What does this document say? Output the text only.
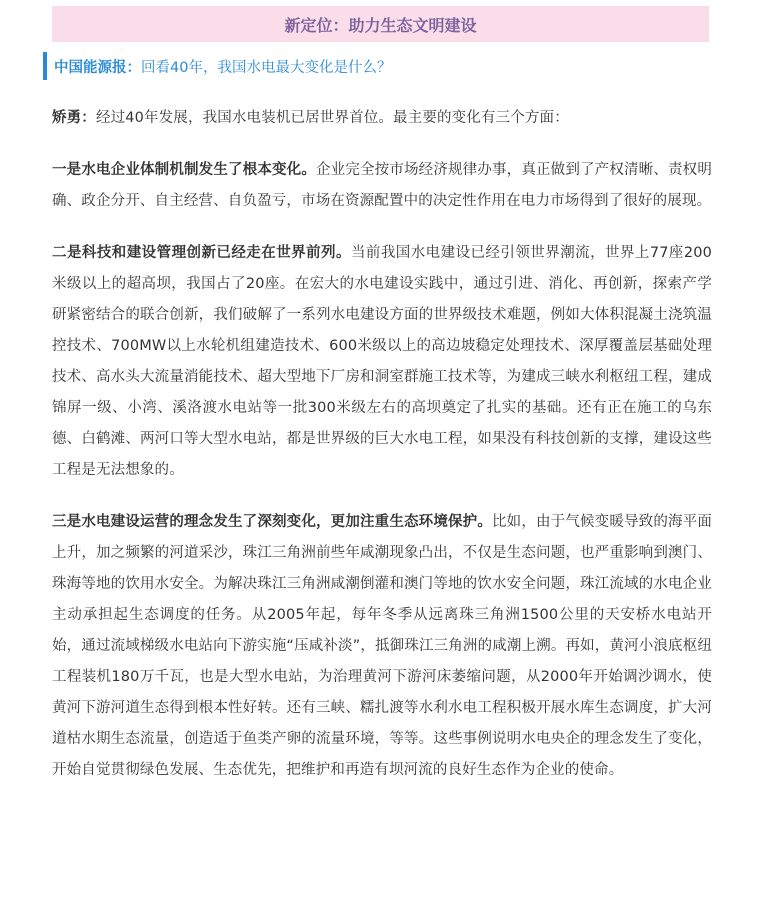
新定位：助力生态文明建设
中国能源报： 回看40年，我国水电最大变化是什么？

矫勇：经过40年发展，我国水电装机已居世界首位。最主要的变化有三个方面：

一是水电企业体制机制发生了根本变化。企业完全按市场经济规律办事，真正做到了产权清晰、责权明确、政企分开、自主经营、自负盈亏，市场在资源配置中的决定性作用在电力市场得到了很好的展现。

二是科技和建设管理创新已经走在世界前列。当前我国水电建设已经引领世界潮流，世界上77座200米级以上的超高坝，我国占了20座。在宏大的水电建设实践中，通过引进、消化、再创新，探索产学研紧密结合的联合创新，我们破解了一系列水电建设方面的世界级技术难题，例如大体积混凝土浇筑温控技术、700MW以上水轮机组建造技术、600米级以上的高边坡稳定处理技术、深厚覆盖层基础处理技术、高水头大流量消能技术、超大型地下厂房和洞室群施工技术等，为建成三峡水利枢纽工程，建成锦屏一级、小湾、溪洛渡水电站等一批300米级左右的高坝奠定了扎实的基础。还有正在施工的乌东德、白鹤滩、两河口等大型水电站，都是世界级的巨大水电工程，如果没有科技创新的支撑，建设这些工程是无法想象的。

三是水电建设运营的理念发生了深刻变化，更加注重生态环境保护。比如，由于气候变暖导致的海平面上升，加之频繁的河道采沙，珠江三角洲前些年咸潮现象凸出，不仅是生态问题，也严重影响到澳门、珠海等地的饮用水安全。为解决珠江三角洲咸潮倒灌和澳门等地的饮水安全问题，珠江流域的水电企业主动承担起生态调度的任务。从2005年起，每年冬季从远离珠三角洲1500公里的天安桥水电站开始，通过流域梯级水电站向下游实施“压咸补淡”，抵御珠江三角洲的咸潮上溯。再如，黄河小浪底枢纽工程装机180万千瓦，也是大型水电站，为治理黄河下游河床萎缩问题，从2000年开始调沙调水，使黄河下游河道生态得到根本性好转。还有三峡、糯扎渡等水利水电工程积极开展水库生态调度，扩大河道枯水期生态流量，创造适于鱼类产卵的流量环境，等等。这些事例说明水电央企的理念发生了变化，开始自觉贯彻绿色发展、生态优先，把维护和再造有坝河流的良好生态作为企业的使命。
